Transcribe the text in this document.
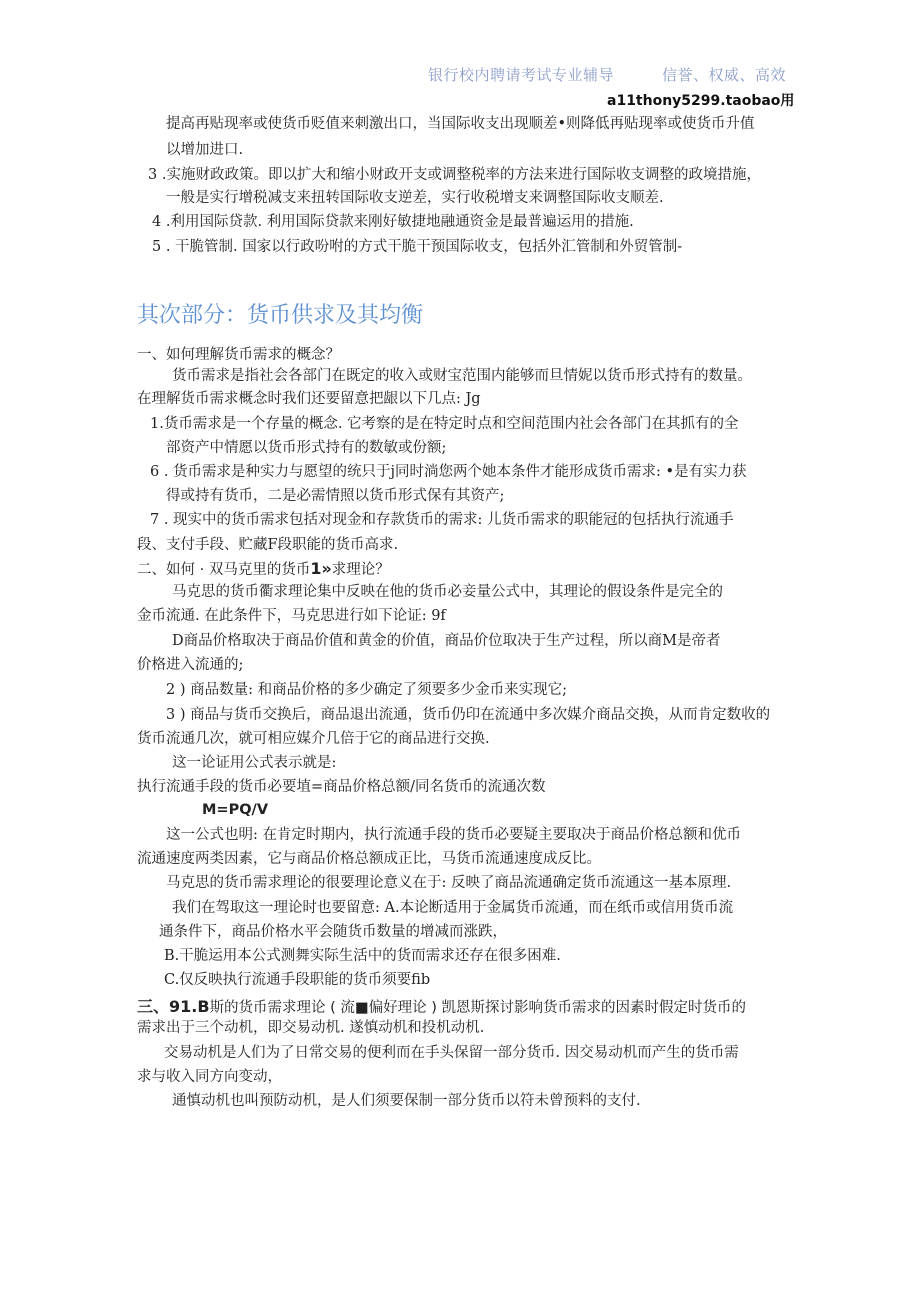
银行校内聘请考试专业辅导	信誉、权威、高效
a11thony5299.taobao用
提高再贴现率或使货币贬值来刺激出口，当国际收支出现顺差•则降低再贴现率或使货币升值
以增加进口.
3 .实施财政政策。即以扩大和缩小财政开支或调整税率的方法来进行国际收支调整的政境措施，
一般是实行增税减支来扭转国际收支逆差，实行收税增支来调整国际收支顺差.
4 .利用国际贷款. 利用国际贷款来刚好敏捷地融通资金是最普遍运用的措施.
5 . 干脆管制. 国家以行政吩咐的方式干脆干预国际收支，包括外汇管制和外贸管制-
其次部分：货币供求及其均衡
一、如何理解货币需求的概念？
货币需求是指社会各部门在既定的收入或财宝范围内能够而旦情妮以货币形式持有的数量。
在理解货币需求概念时我们还要留意把龈以下几点: Jg
1.货币需求是一个存量的概念. 它考察的是在特定时点和空间范围内社会各部门在其抓有的全
部资产中情愿以货币形式持有的数敏或份额;
6 . 货币需求是种实力与愿望的统只于j同时淌您两个她本条件才能形成货币需求: •是有实力获
得或持有货币，二是必需情照以货币形式保有其资产;
7 . 现实中的货币需求包括对现金和存款货币的需求: 儿货币需求的职能冠的包括执行流通手
段、支付手段、贮藏F段职能的货币高求.
二、如何 · 双马克里的货币1»求理论？
马克思的货币衢求理论集中反映在他的货币必妾量公式中，其理论的假设条件是完全的
金币流通. 在此条件下，马克思进行如下论证: 9f
D商品价格取决于商品价值和黄金的价值，商品价位取决于生产过程，所以商M是帝者
价格进入流通的;
2 ) 商品数量: 和商品价格的多少确定了须要多少金币来实现它;
3 ) 商品与货币交换后，商品退出流通，货币仍印在流通中多次媒介商品交换，从而肯定数收的
货币流通几次，就可相应媒介几倍于它的商品进行交换.
这一论证用公式表示就是:
执行流通手段的货币必要埴=商品价格总额/同名货币的流通次数
M=PQ/V
这一公式也明: 在肯定时期内，执行流通手段的货币必要疑主要取决于商品价格总额和优币
流通速度两类因素，它与商品价格总额成正比，马货币流通速度成反比。
马克思的货币需求理论的很要理论意义在于: 反映了商品流通确定货币流通这一基本原理.
我们在驾取这一理论时也要留意: A.本论断适用于金属货币流通，而在纸币或信用货币流
通条件下，商品价格水平会随货币数量的增减而涨跌，
B.干脆运用本公式测舞实际生活中的货而需求还存在很多困难.
C.仅反映执行流通手段职能的货币须要fib
三、91.B斯的货币需求理论 ( 流■偏好理论 ) 凯恩斯探讨影响货币需求的因素时假定时货币的
需求出于三个动机，即交易动机. 遂慎动机和投机动机.
交易动机是人们为了日常交易的便利而在手头保留一部分货币. 因交易动机而产生的货币需
求与收入同方向变动，
通慎动机也叫预防动机，是人们须要保制一部分货币以符未曾预料的支付.
